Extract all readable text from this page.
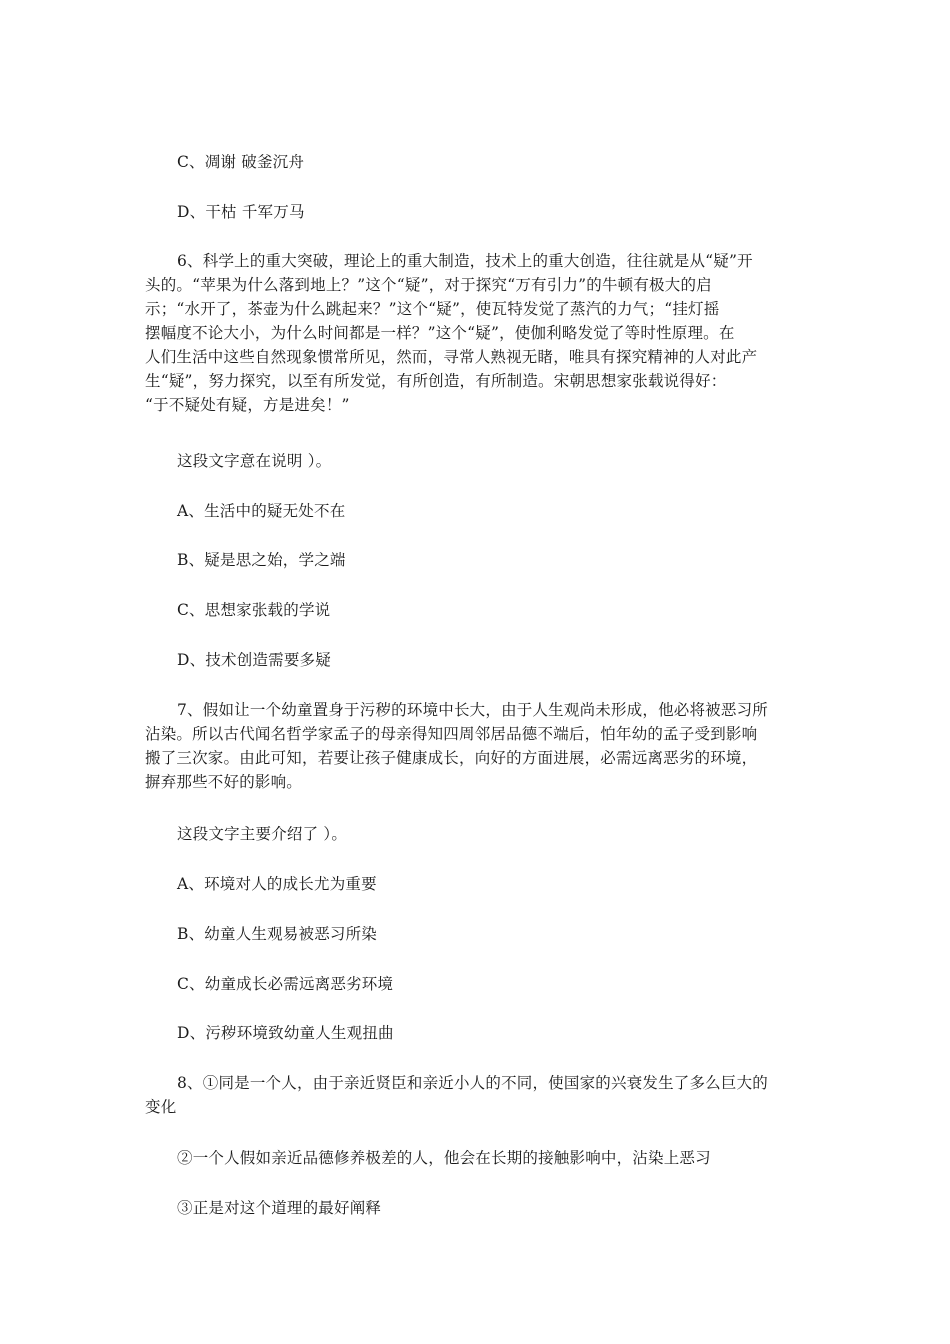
C、凋谢 破釜沉舟
D、干枯 千军万马
6、科学上的重大突破，理论上的重大制造，技术上的重大创造，往往就是从“疑”开
头的。“苹果为什么落到地上？”这个“疑”，对于探究“万有引力”的牛顿有极大的启
示；“水开了，茶壶为什么跳起来？”这个“疑”，使瓦特发觉了蒸汽的力气；“挂灯摇
摆幅度不论大小，为什么时间都是一样？”这个“疑”，使伽利略发觉了等时性原理。在
人们生活中这些自然现象惯常所见，然而，寻常人熟视无睹，唯具有探究精神的人对此产
生“疑”，努力探究，以至有所发觉，有所创造，有所制造。宋朝思想家张载说得好：
“于不疑处有疑，方是进矣！”
这段文字意在说明 ）。
A、生活中的疑无处不在
B、疑是思之始，学之端
C、思想家张载的学说
D、技术创造需要多疑
7、假如让一个幼童置身于污秽的环境中长大，由于人生观尚未形成，他必将被恶习所
沾染。所以古代闻名哲学家孟子的母亲得知四周邻居品德不端后，怕年幼的孟子受到影响
搬了三次家。由此可知，若要让孩子健康成长，向好的方面进展，必需远离恶劣的环境，
摒弃那些不好的影响。
这段文字主要介绍了 ）。
A、环境对人的成长尤为重要
B、幼童人生观易被恶习所染
C、幼童成长必需远离恶劣环境
D、污秽环境致幼童人生观扭曲
8、①同是一个人，由于亲近贤臣和亲近小人的不同，使国家的兴衰发生了多么巨大的
变化
②一个人假如亲近品德修养极差的人，他会在长期的接触影响中，沾染上恶习
③正是对这个道理的最好阐释
